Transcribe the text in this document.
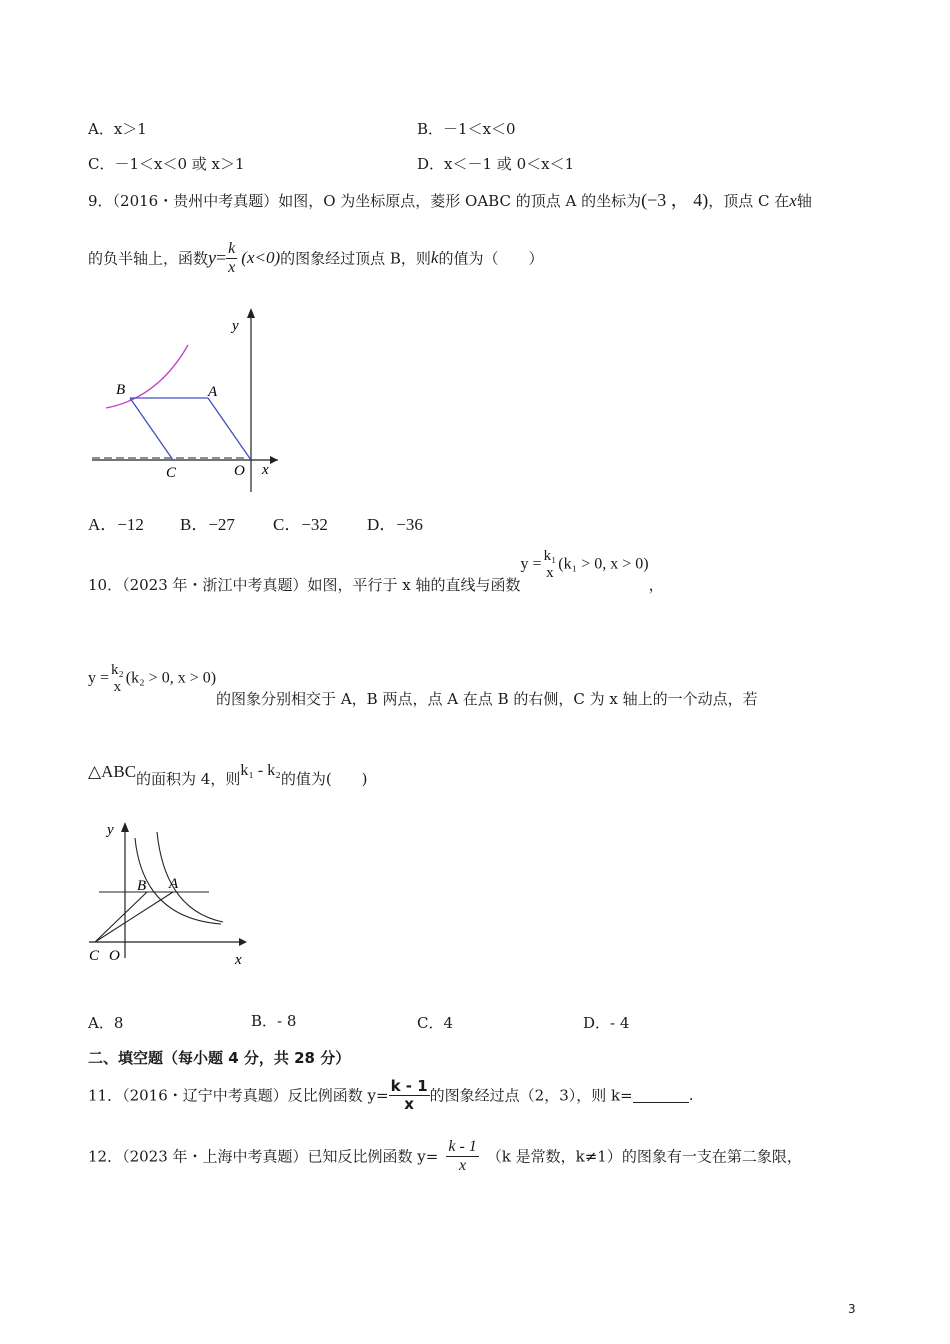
A．x＞1	B．－1＜x＜0
C．－1＜x＜0 或 x＞1	D．x＜－1 或 0＜x＜1
9．（2016・贵州中考真题）如图，O 为坐标原点，菱形 OABC 的顶点 A 的坐标为(−3 ， 4)，顶点 C 在x轴
的负半轴上，函数$y= \frac{k}{x} (x<0)$的图象经过顶点 B，则k的值为（　　）
y
x
O
A
B
C
A．−12 B．−27 C．−32 D．−36
10．（2023 年・浙江中考真题）如图，平行于 x 轴的直线与函数y = k₁
x (k₁ > 0, x > 0)，
y = k₂
x (k₂ > 0, x > 0)的图象分别相交于 A，B 两点，点 A 在点 B 的右侧，C 为 x 轴上的一个动点，若
△ABC的面积为 4，则k₁ - k₂的值为(　　)
y
x
O
C
B A
A．8	B．- 8	C．4	D．- 4
二、填空题（每小题 4 分，共 28 分）
11．（2016・辽宁中考真题）反比例函数 $y= \frac{k - 1}{x}$ 的图象经过点（2，3），则 k=	.
12．（2023 年・上海中考真题）已知反比例函数 $y= \frac{k - 1}{x} (k$ 是常数，k≠1）的图象有一支在第二象限，
3
